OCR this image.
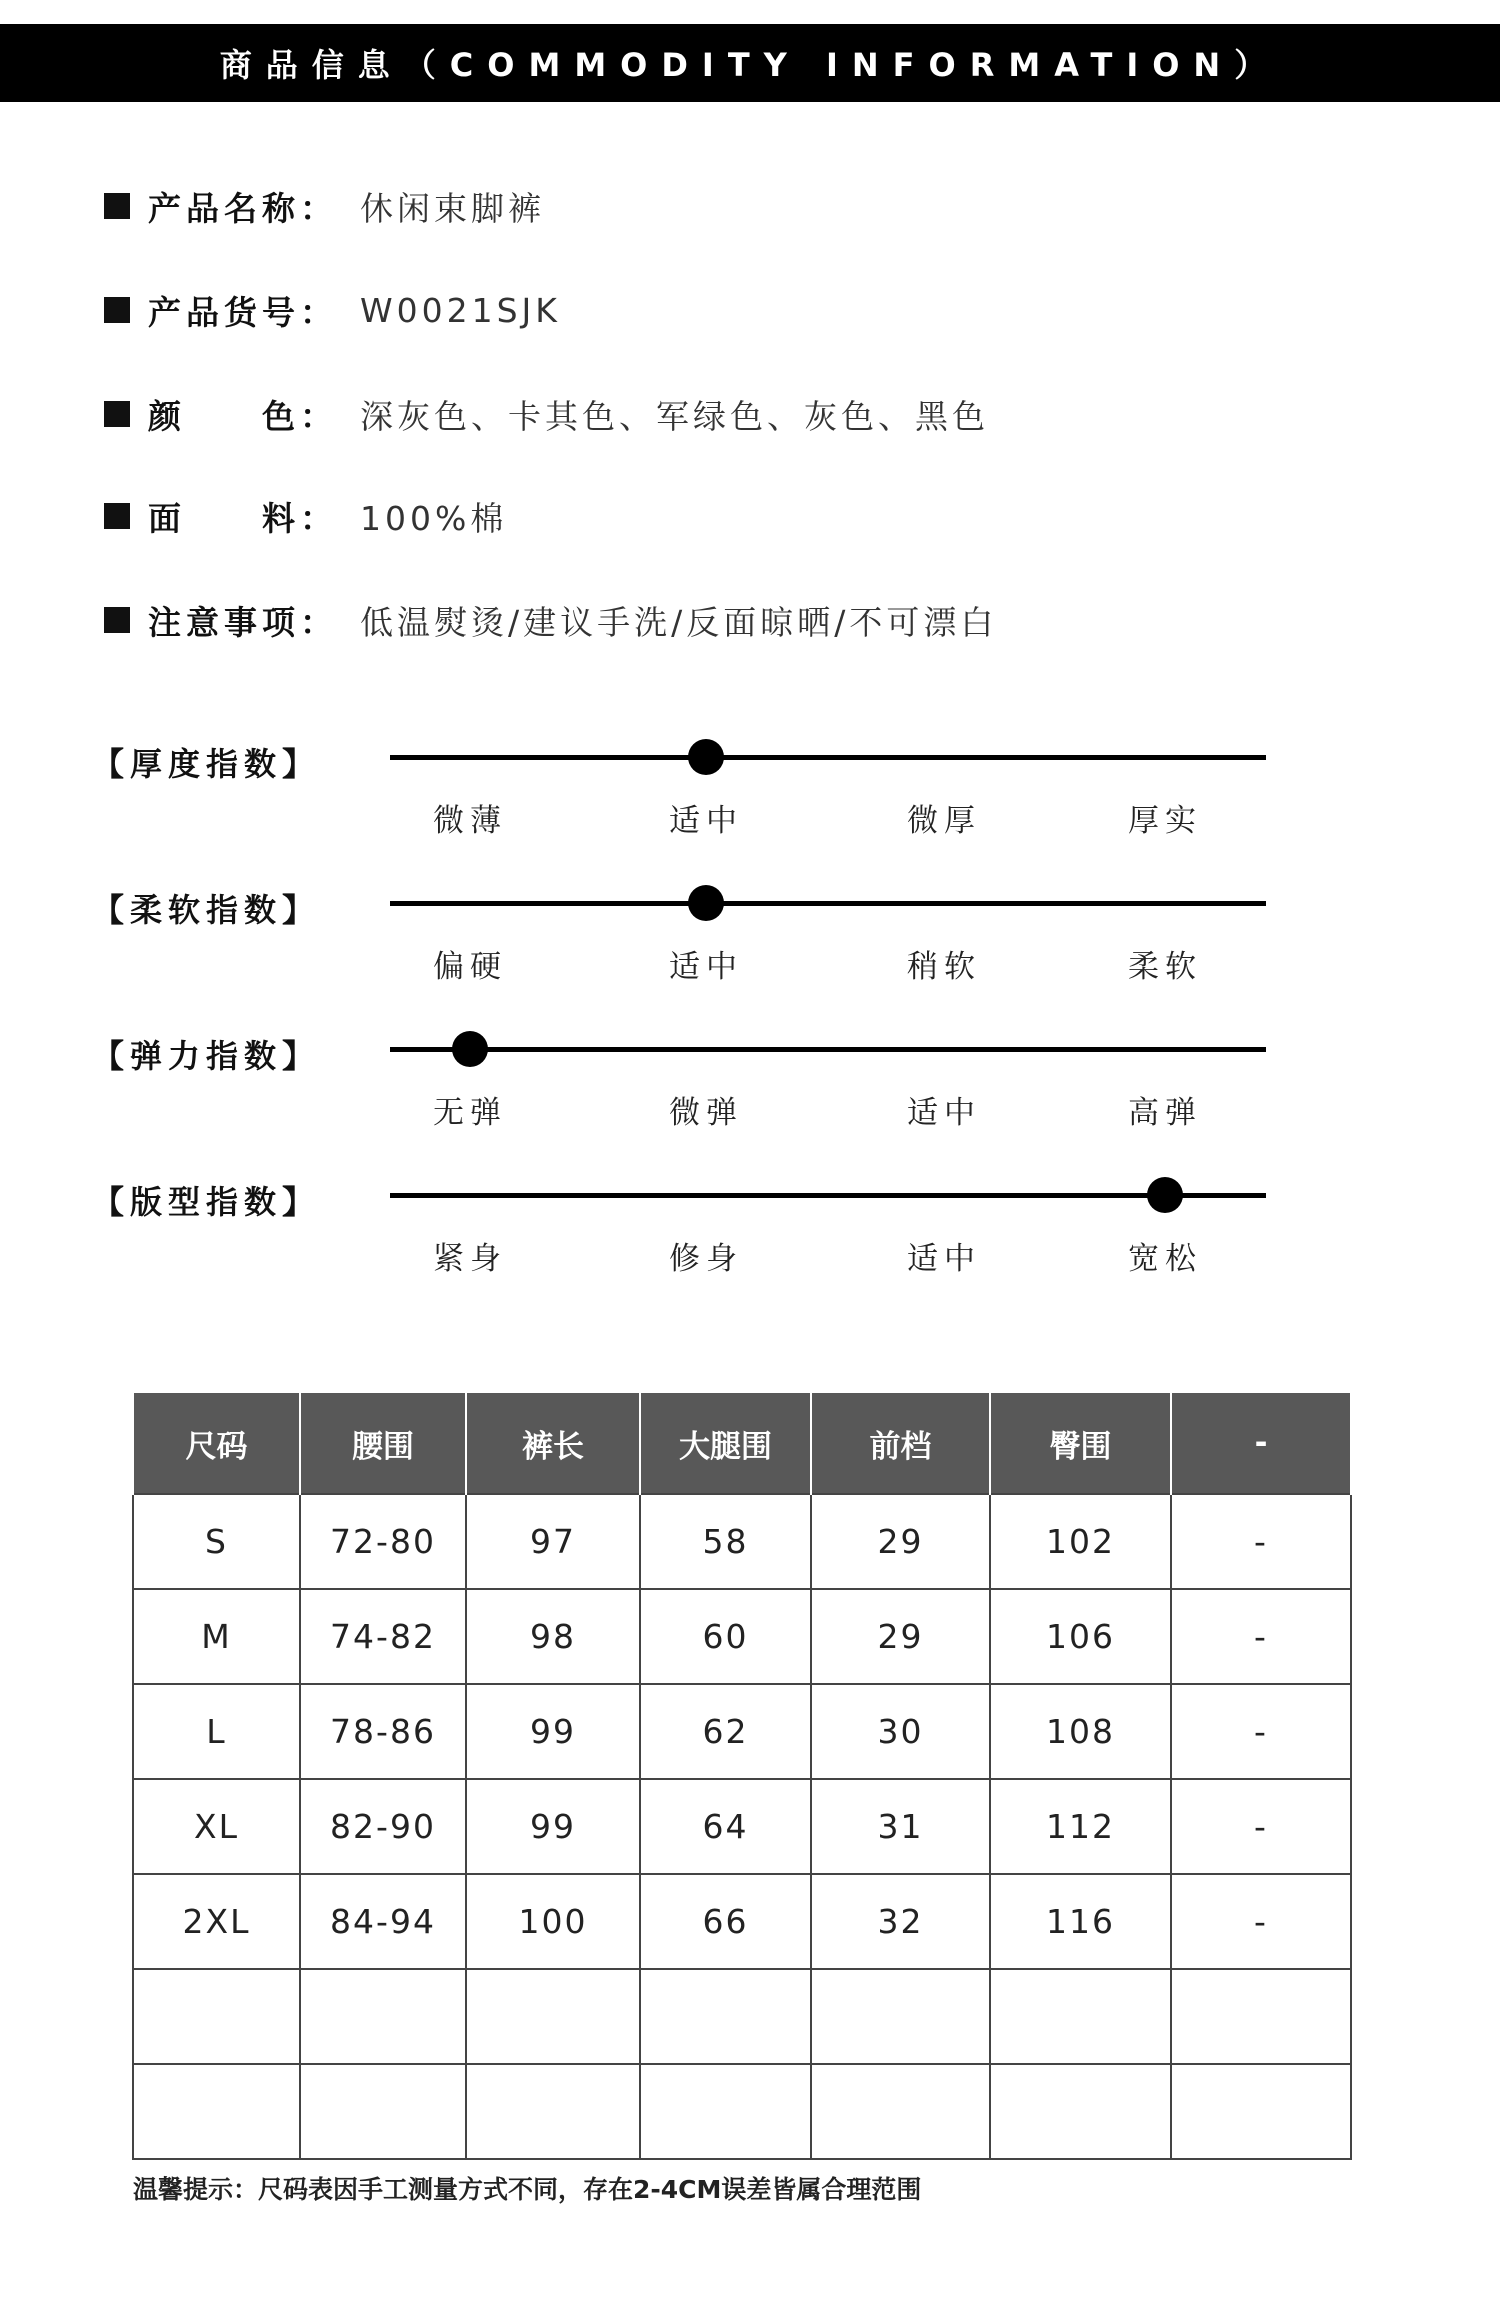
商品信息（COMMODITY INFORMATION）
产品名称： 休闲束脚裤
产品货号： W0021SJK
颜　　色： 深灰色、卡其色、军绿色、灰色、黑色
面　　料： 100%棉
注意事项： 低温熨烫/建议手洗/反面晾晒/不可漂白
【厚度指数】
微薄	适中	微厚	厚实
【柔软指数】
偏硬	适中	稍软	柔软
【弹力指数】
无弹	微弹	适中	高弹
【版型指数】
紧身	修身	适中	宽松
尺码	腰围	裤长	大腿围	前档	臀围	-
S	72-80	97	58	29	102	-
M	74-82	98	60	29	106	-
L	78-86	99	62	30	108	-
XL	82-90	99	64	31	112	-
2XL	84-94	100	66	32	116	-

温馨提示：尺码表因手工测量方式不同，存在2-4CM误差皆属合理范围
